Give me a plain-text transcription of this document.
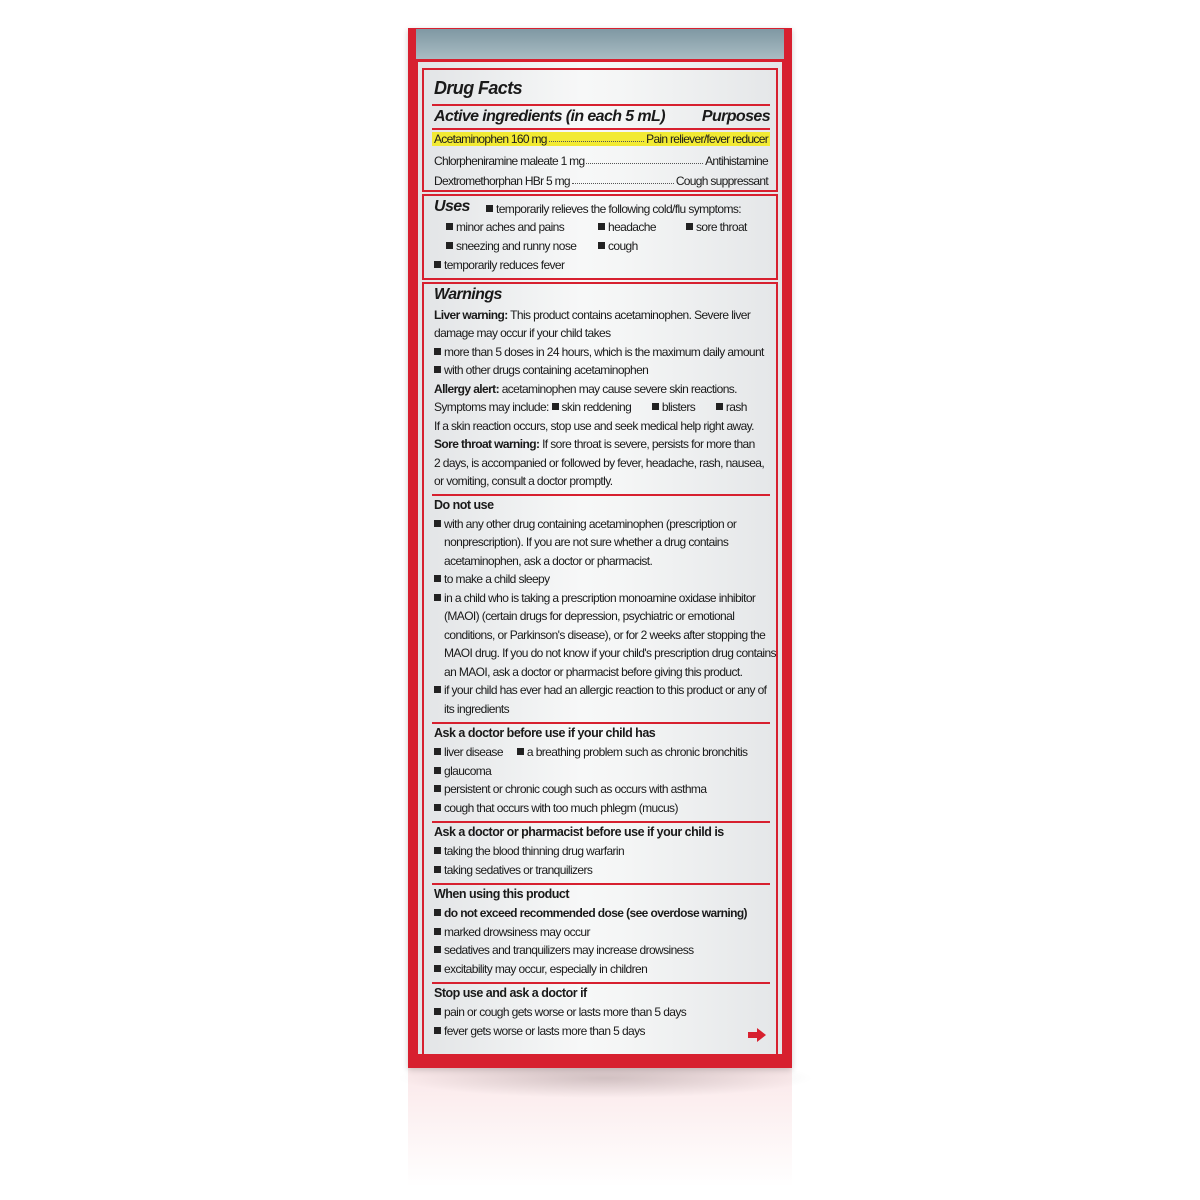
Drug Facts
Active ingredients (in each 5 mL) Purposes
Acetaminophen 160 mg	Pain reliever/fever reducer
Chlorpheniramine maleate 1 mg	Antihistamine
Dextromethorphan HBr 5 mg	Cough suppressant
Uses	temporarily relieves the following cold/flu symptoms:
minor aches and pains	headache	sore throat
sneezing and runny nose	cough
temporarily reduces fever
Warnings
Liver warning: This product contains acetaminophen. Severe liver
damage may occur if your child takes
more than 5 doses in 24 hours, which is the maximum daily amount
with other drugs containing acetaminophen
Allergy alert: acetaminophen may cause severe skin reactions.
Symptoms may include: skin reddening	blisters	rash
If a skin reaction occurs, stop use and seek medical help right away.
Sore throat warning: If sore throat is severe, persists for more than
2 days, is accompanied or followed by fever, headache, rash, nausea,
or vomiting, consult a doctor promptly.
Do not use
with any other drug containing acetaminophen (prescription or
nonprescription). If you are not sure whether a drug contains
acetaminophen, ask a doctor or pharmacist.
to make a child sleepy
in a child who is taking a prescription monoamine oxidase inhibitor
(MAOI) (certain drugs for depression, psychiatric or emotional
conditions, or Parkinson's disease), or for 2 weeks after stopping the
MAOI drug. If you do not know if your child's prescription drug contains
an MAOI, ask a doctor or pharmacist before giving this product.
if your child has ever had an allergic reaction to this product or any of
its ingredients
Ask a doctor before use if your child has
liver disease a breathing problem such as chronic bronchitis
glaucoma
persistent or chronic cough such as occurs with asthma
cough that occurs with too much phlegm (mucus)
Ask a doctor or pharmacist before use if your child is
taking the blood thinning drug warfarin
taking sedatives or tranquilizers
When using this product
do not exceed recommended dose (see overdose warning)
marked drowsiness may occur
sedatives and tranquilizers may increase drowsiness
excitability may occur, especially in children
Stop use and ask a doctor if
pain or cough gets worse or lasts more than 5 days
fever gets worse or lasts more than 5 days
